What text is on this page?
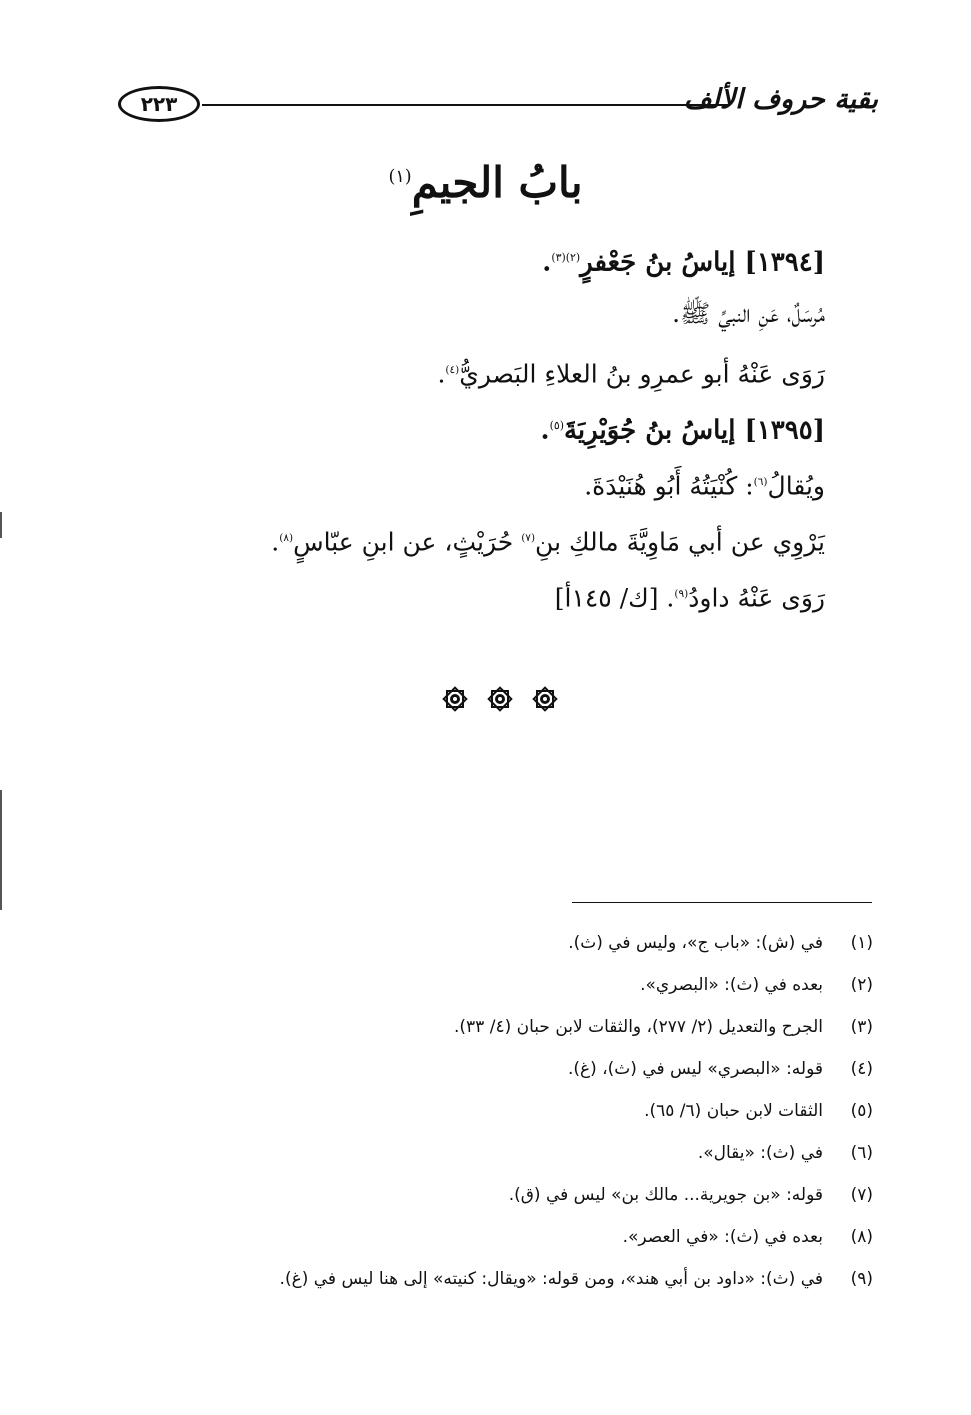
٢٢٣	بقية حروف الألف
بابُ الجيمِ$^{(١)}$
[١٣٩٤] إياسُ بنُ جَعْفرٍ$^{(٢)(٣)}$.
مُرسَلٌ، عَنِ النبيِّ ﷺ.
رَوَى عَنْهُ أبو عمرِو بنُ العلاءِ البَصريُّ$^{(٤)}$.
[١٣٩٥] إياسُ بنُ جُوَيْرِيَةَ$^{(٥)}$.
ويُقالُ$^{(٦)}$: كُنْيَتُهُ أَبُو هُنَيْدَةَ.
يَرْوِي عن أبي مَاوِيَّةَ مالكِ بنِ$^{(٧)}$ حُرَيْثٍ، عن ابنِ عبّاسٍ$^{(٨)}$.
رَوَى عَنْهُ داودُ$^{(٩)}$. [ك/ ١٤٥أ]
(١)في (ش): «باب ج»، وليس في (ث).
(٢)بعده في (ث): «البصري».
(٣)الجرح والتعديل (٢/ ٢٧٧)، والثقات لابن حبان (٤/ ٣٣).
(٤)قوله: «البصري» ليس في (ث)، (غ).
(٥)الثقات لابن حبان (٦/ ٦٥).
(٦)في (ث): «يقال».
(٧)قوله: «بن جويرية... مالك بن» ليس في (ق).
(٨)بعده في (ث): «في العصر».
(٩)في (ث): «داود بن أبي هند»، ومن قوله: «ويقال: كنيته» إلى هنا ليس في (غ).
